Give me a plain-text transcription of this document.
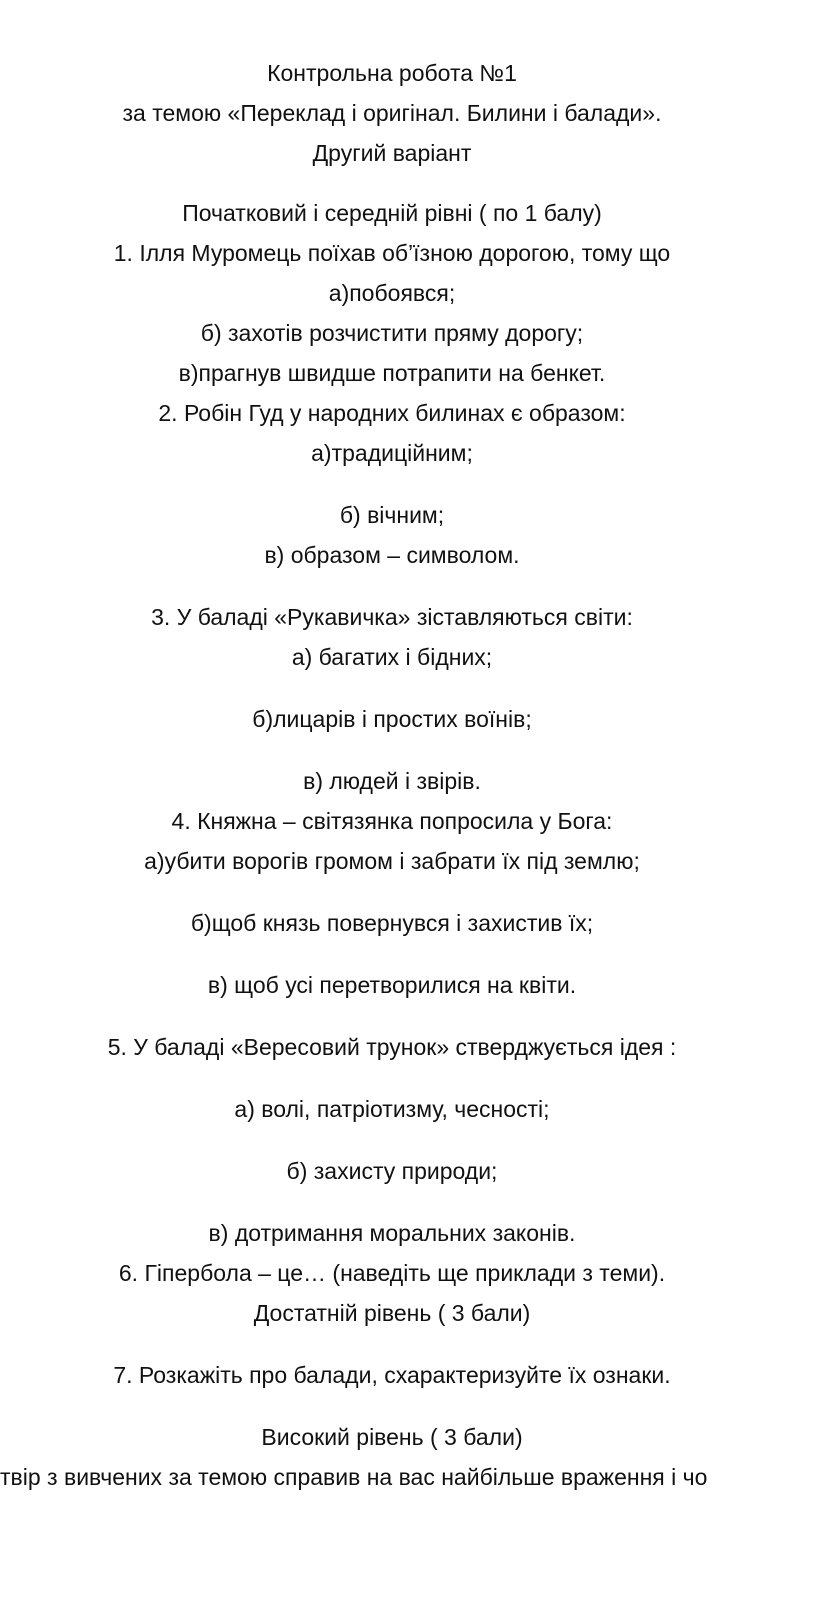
Контрольна робота №1
за темою «Переклад і оригінал. Билини і балади».
Другий варіант
Початковий і середній рівні ( по 1 балу)
1. Ілля Муромець поїхав об’їзною дорогою, тому що
а)побоявся;
б) захотів розчистити пряму дорогу;
в)прагнув швидше потрапити на бенкет.
2. Робін Гуд у народних билинах є образом:
а)традиційним;
б) вічним;
в) образом – символом.
3. У баладі «Рукавичка» зіставляються світи:
а) багатих і бідних;
б)лицарів і простих воїнів;
в) людей і звірів.
4. Княжна – світязянка попросила у Бога:
а)убити ворогів громом і забрати їх під землю;
б)щоб князь повернувся і захистив їх;
в) щоб усі перетворилися на квіти.
5. У баладі «Вересовий трунок» стверджується ідея :
а) волі, патріотизму, чесності;
б) захисту природи;
в) дотримання моральних законів.
6. Гіпербола – це… (наведіть ще приклади з теми).
Достатній рівень ( 3 бали)
7. Розкажіть про балади, схарактеризуйте їх ознаки.
Високий рівень ( 3 бали)
твір з вивчених за темою справив на вас найбільше враження і чо
